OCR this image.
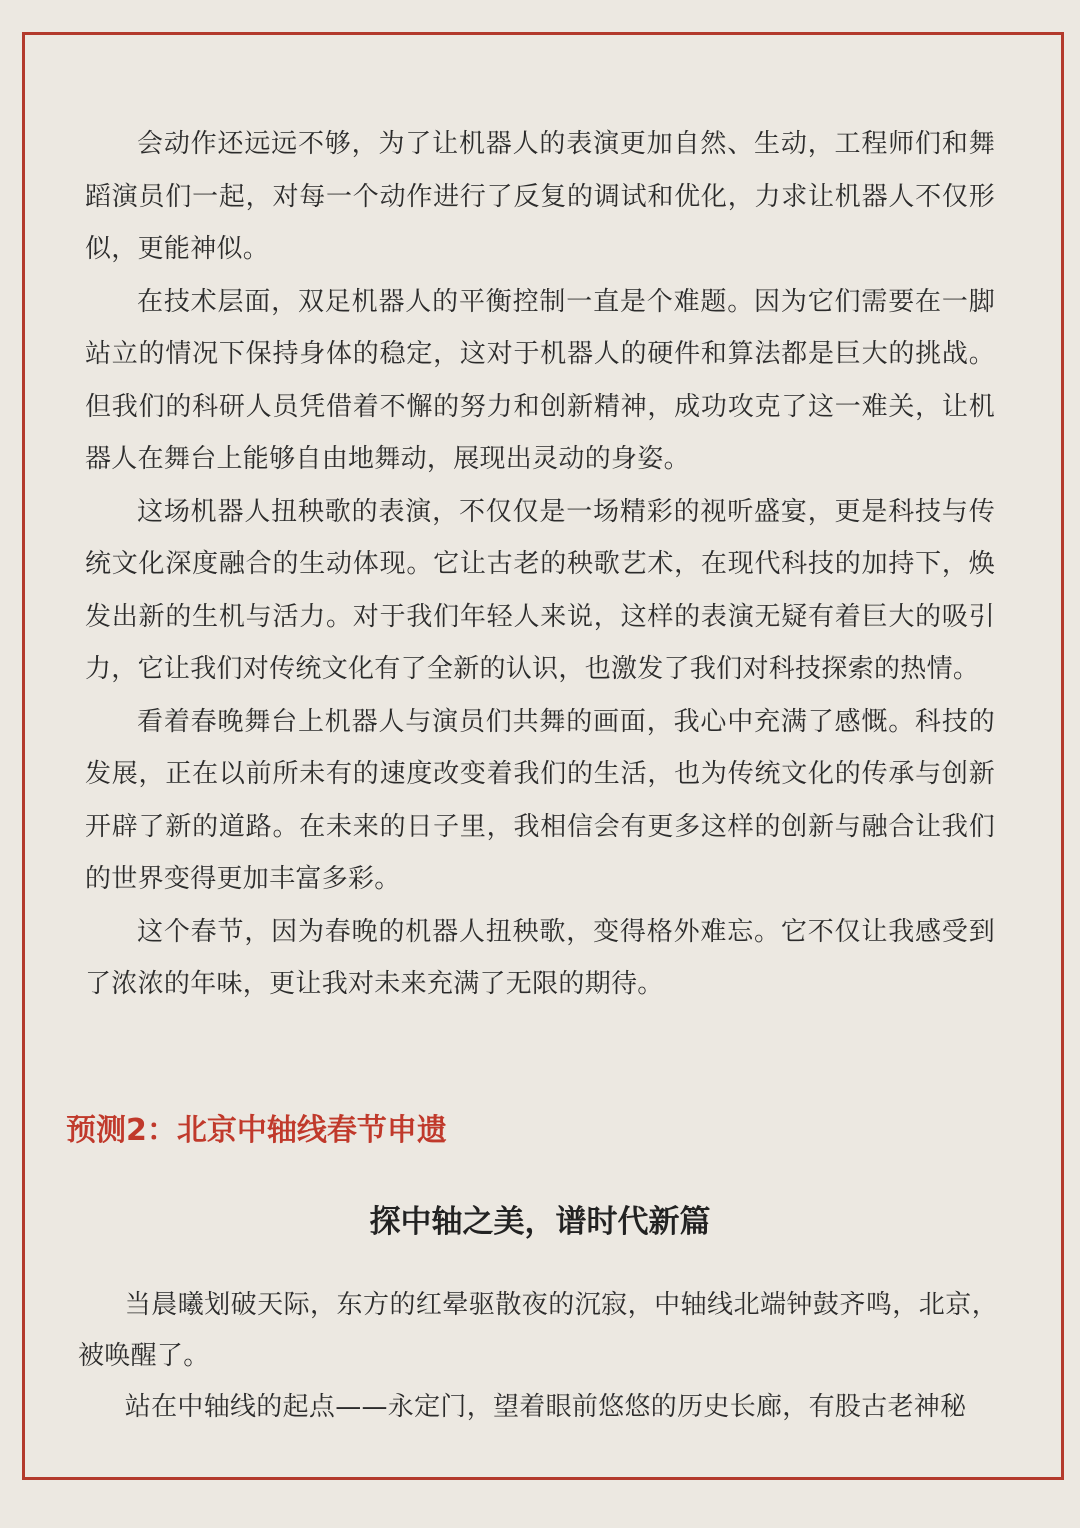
会动作还远远不够，为了让机器人的表演更加自然、生动，工程师们和舞蹈演员们一起，对每一个动作进行了反复的调试和优化，力求让机器人不仅形似，更能神似。

在技术层面，双足机器人的平衡控制一直是个难题。因为它们需要在一脚站立的情况下保持身体的稳定，这对于机器人的硬件和算法都是巨大的挑战。但我们的科研人员凭借着不懈的努力和创新精神，成功攻克了这一难关，让机器人在舞台上能够自由地舞动，展现出灵动的身姿。

这场机器人扭秧歌的表演，不仅仅是一场精彩的视听盛宴，更是科技与传统文化深度融合的生动体现。它让古老的秧歌艺术，在现代科技的加持下，焕发出新的生机与活力。对于我们年轻人来说，这样的表演无疑有着巨大的吸引力，它让我们对传统文化有了全新的认识，也激发了我们对科技探索的热情。

看着春晚舞台上机器人与演员们共舞的画面，我心中充满了感慨。科技的发展，正在以前所未有的速度改变着我们的生活，也为传统文化的传承与创新开辟了新的道路。在未来的日子里，我相信会有更多这样的创新与融合让我们的世界变得更加丰富多彩。

这个春节，因为春晚的机器人扭秧歌，变得格外难忘。它不仅让我感受到了浓浓的年味，更让我对未来充满了无限的期待。

预测2：北京中轴线春节申遗
探中轴之美，谱时代新篇

当晨曦划破天际，东方的红晕驱散夜的沉寂，中轴线北端钟鼓齐鸣，北京，被唤醒了。

站在中轴线的起点——永定门，望着眼前悠悠的历史长廊，有股古老神秘
